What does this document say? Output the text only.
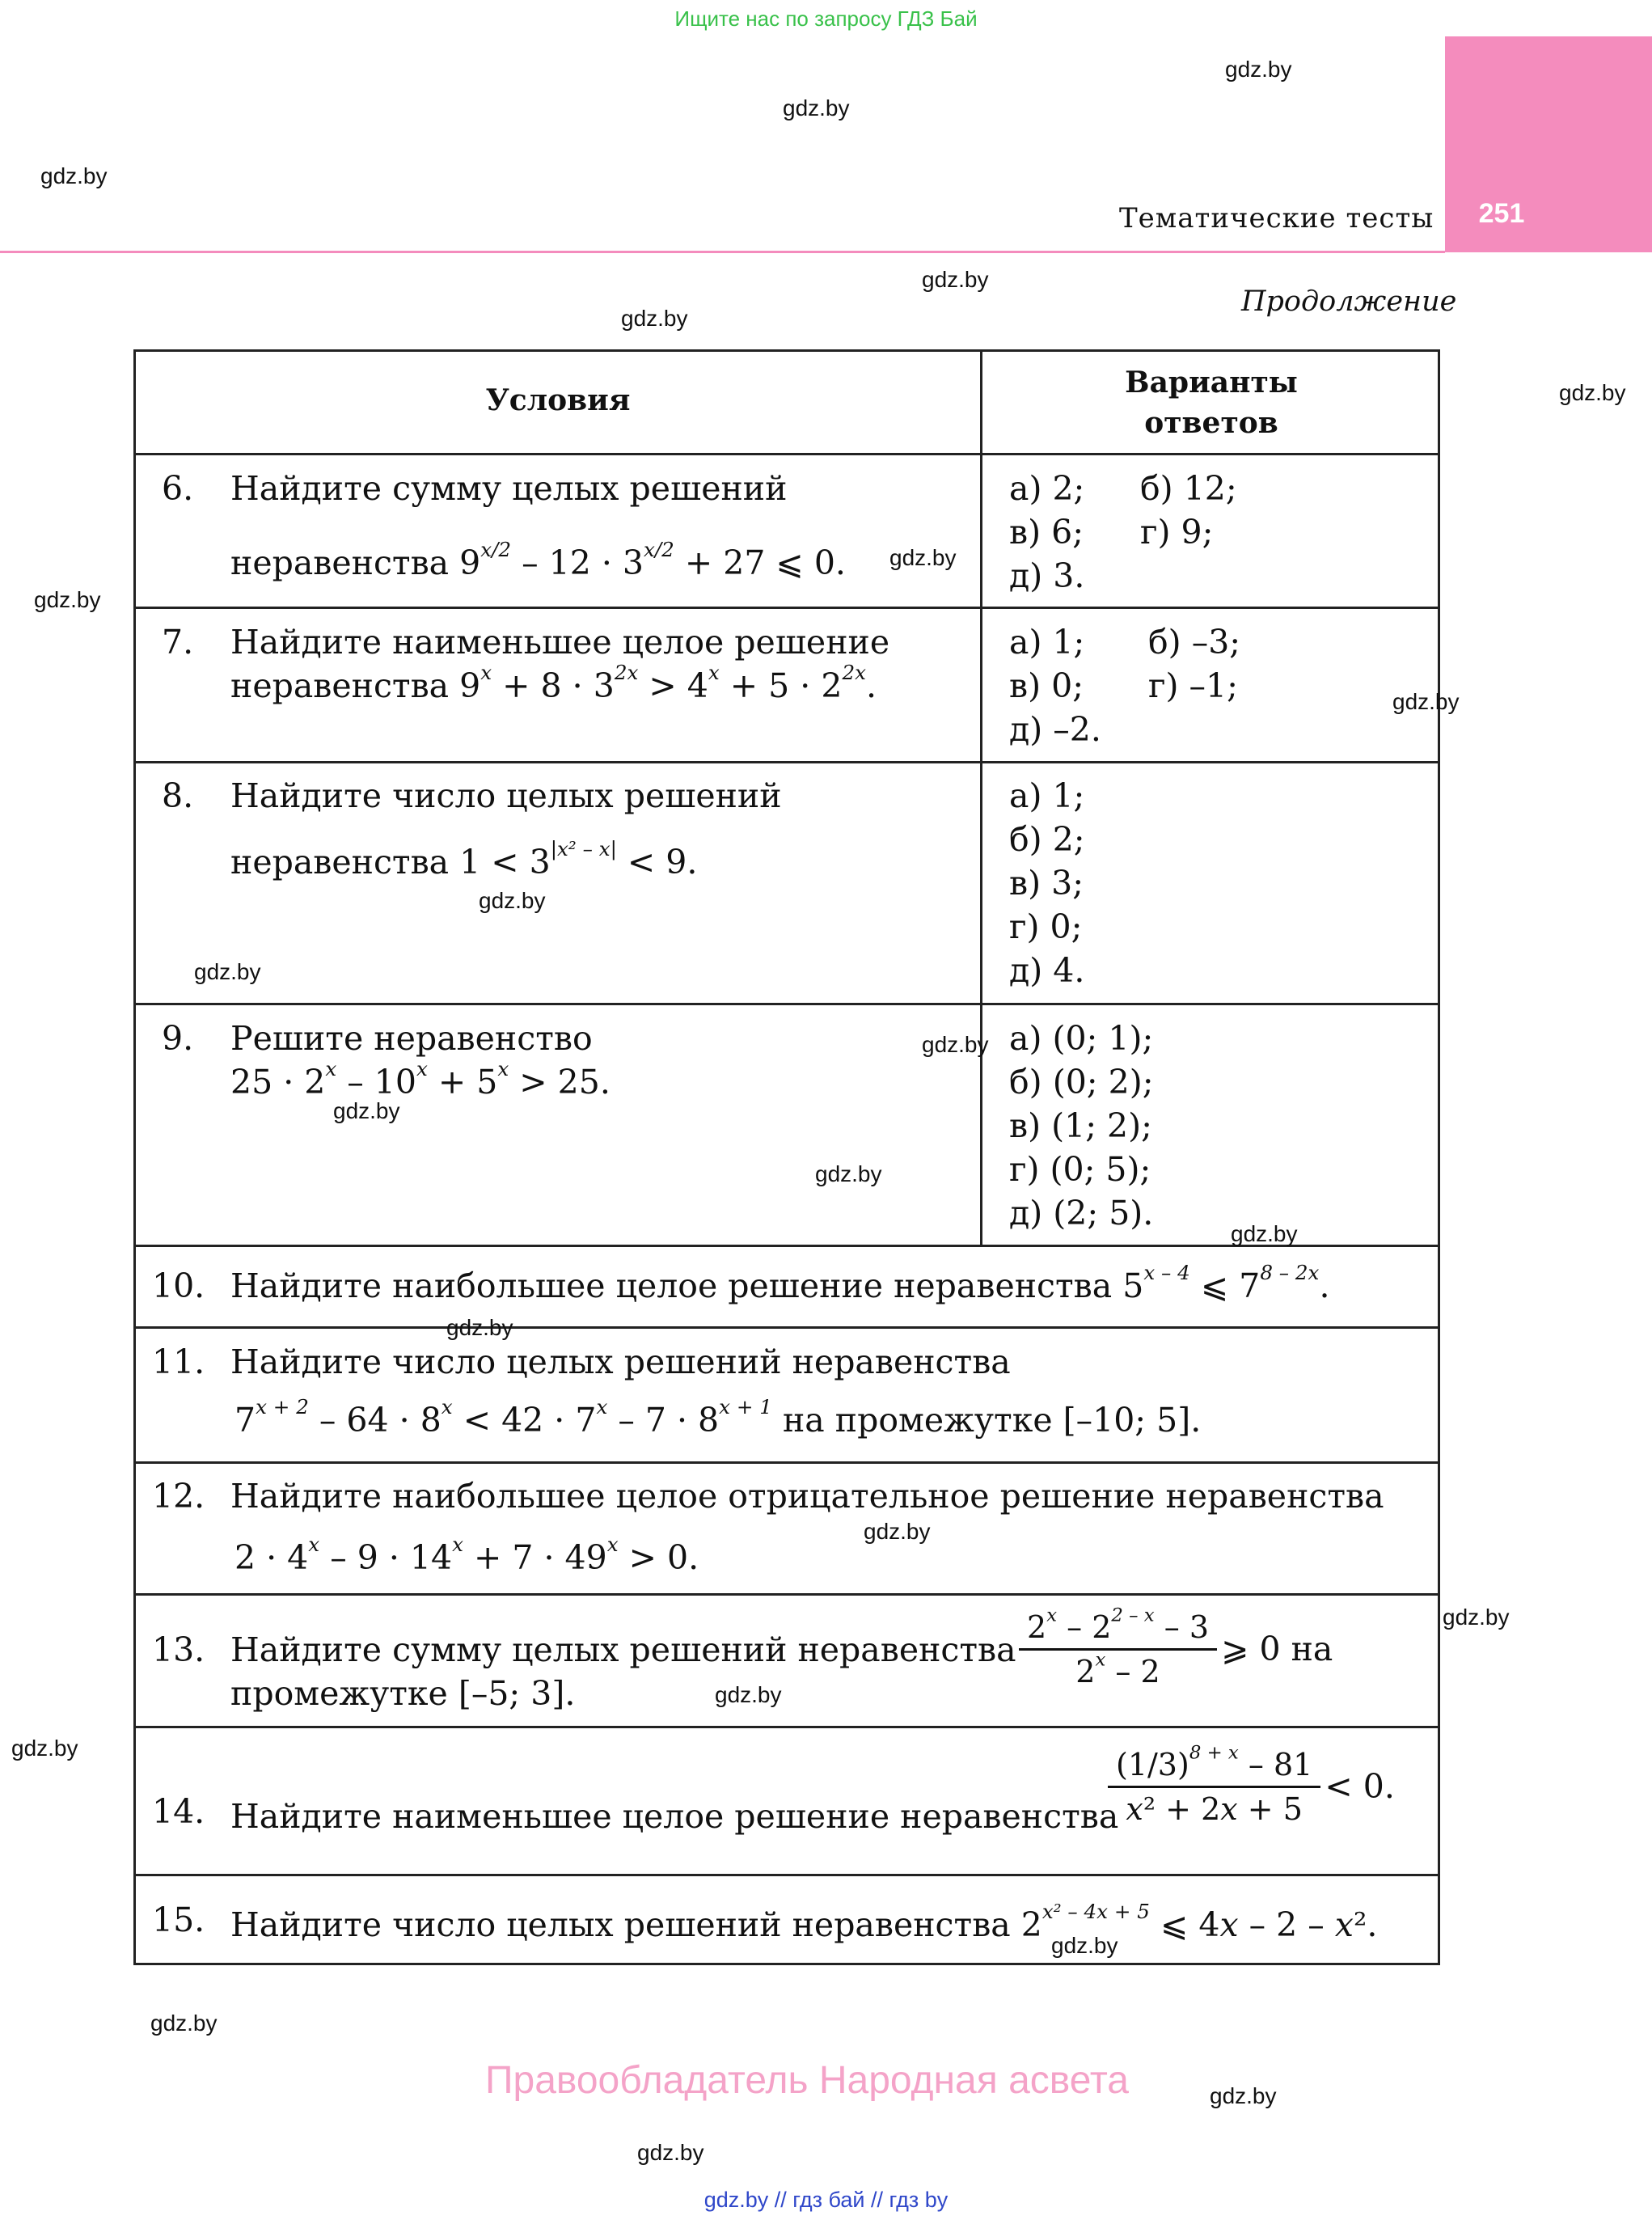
Ищите нас по запросу ГДЗ Бай
251
Тематические тесты
Продолжение
Условия
Варианты
ответов
6. Найдите сумму целых решений
неравенства $9^{x/2} - 12 \cdot 3^{x/2} + 27$ ⩽ 0.
а) 2; б) 12;
в) 6; г) 9;
д) 3.
7. Найдите наименьшее целое решение
неравенства $9^x + 8 \cdot 3^{2x} > 4^x + 5 \cdot 2^{2x}$.
а) 1; б) –3;
в) 0; г) –1;
д) –2.
8. Найдите число целых решений
неравенства $1 < 3^{|x^2 - x|} < 9$.
а) 1;
б) 2;
в) 3;
г) 0;
д) 4.
9. Решите неравенство
$25 \cdot 2^x - 10^x + 5^x > 25$.
а) (0; 1);
б) (0; 2);
в) (1; 2);
г) (0; 5);
д) (2; 5).
10. Найдите наибольшее целое решение неравенства 5$^{x - 4}$ ⩽ $7^{8 - 2x}$.
11. Найдите число целых решений неравенства
$7^{x + 2} - 64 \cdot 8^x < 42 \cdot 7^x - 7 \cdot 8^{x + 1}$ на промежутке [–10; 5].
12. Найдите наибольшее целое отрицательное решение неравенства
$2 \cdot 4^x - 9 \cdot 14^x + 7 \cdot 49^x > 0$.
13. Найдите сумму целых решений неравенства $\frac{2^x - 2^{2 - x} - 3}{2^x - 2}$ ⩾ 0 на
промежутке [–5; 3].
14. Найдите наименьшее целое решение неравенства
$\frac{(1/3)^{8 + x} - 81}{\text{x² + 2x + 5}} < 0$.
15. Найдите число целых решений неравенства $2^{x^2 - 4x + 5}$ ⩽ 4x – 2 – x².
gdz.by
gdz.by
gdz.by
gdz.by
gdz.by
gdz.by
gdz.by
gdz.by
gdz.by
gdz.by
gdz.by
gdz.by
gdz.by
gdz.by
gdz.by
gdz.by
gdz.by
gdz.by
gdz.by
gdz.by
gdz.by
gdz.by
gdz.by
gdz.by
Правообладатель Народная асвета
gdz.by // гдз бай // гдз by
